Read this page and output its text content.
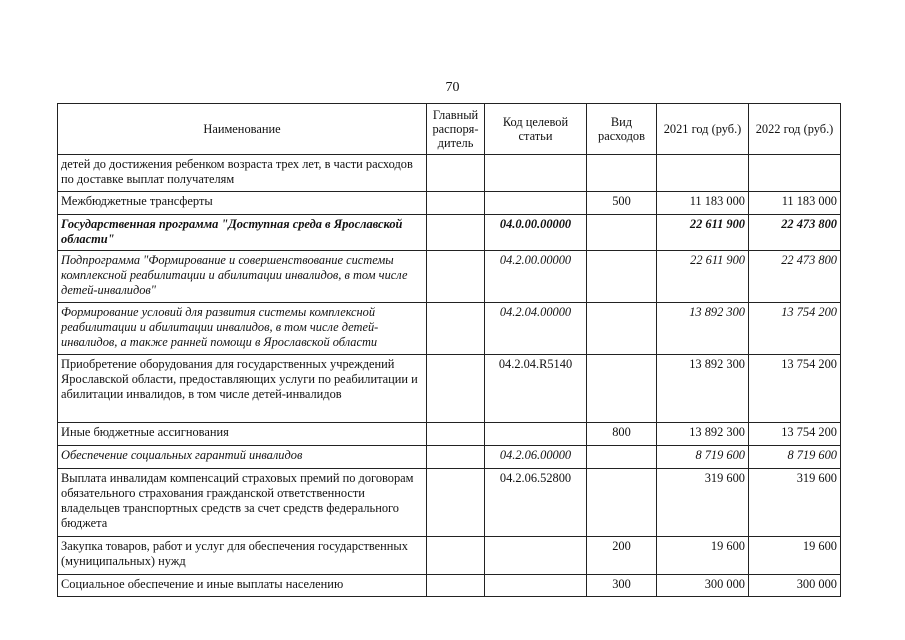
70
Наименование	Главный распоря-дитель	Код целевой статьи	Вид расходов	2021 год (руб.)	2022 год (руб.)
детей до достижения ребенком возраста трех лет, в части расходов по доставке выплат получателям					
Межбюджетные трансферты			500	11 183 000	11 183 000
Государственная программа "Доступная среда в Ярославской области"		04.0.00.00000		22 611 900	22 473 800
Подпрограмма "Формирование и совершенствование системы комплексной реабилитации и абилитации инвалидов, в том числе детей-инвалидов"		04.2.00.00000		22 611 900	22 473 800
Формирование условий для развития системы комплексной реабилитации и абилитации инвалидов, в том числе детей-инвалидов, а также ранней помощи в Ярославской области		04.2.04.00000		13 892 300	13 754 200
Приобретение оборудования для государственных учреждений Ярославской области, предоставляющих услуги по реабилитации и абилитации инвалидов, в том числе детей-инвалидов		04.2.04.R5140		13 892 300	13 754 200
Иные бюджетные ассигнования			800	13 892 300	13 754 200
Обеспечение социальных гарантий инвалидов		04.2.06.00000		8 719 600	8 719 600
Выплата инвалидам компенсаций страховых премий по договорам обязательного страхования гражданской ответственности владельцев транспортных средств за счет средств федерального бюджета		04.2.06.52800		319 600	319 600
Закупка товаров, работ и услуг для обеспечения государственных (муниципальных) нужд			200	19 600	19 600
Социальное обеспечение и иные выплаты населению			300	300 000	300 000
